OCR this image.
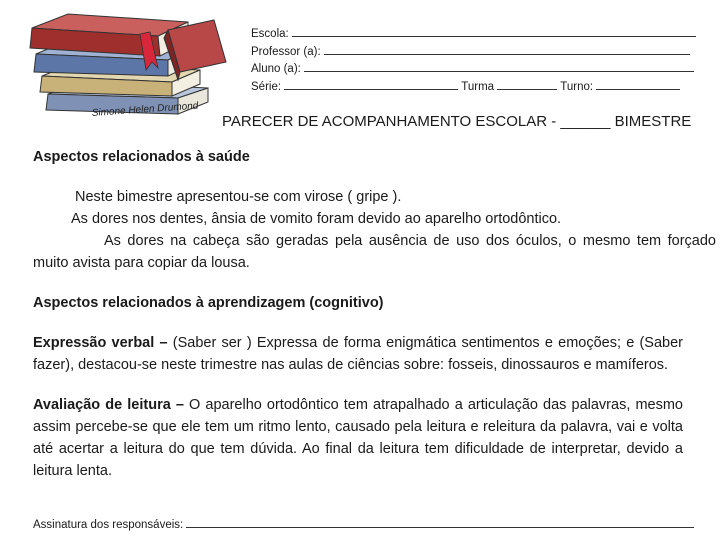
Simone Helen Drumond
Escola:
Professor (a):
Aluno (a):
Série:	Turma	Turno:
PARECER DE ACOMPANHAMENTO ESCOLAR - ______ BIMESTRE

Aspectos relacionados à saúde

Neste bimestre apresentou-se com virose ( gripe ).

As dores nos dentes, ânsia de vomito foram devido ao aparelho ortodôntico.

As dores na cabeça são geradas pela ausência de uso dos óculos, o mesmo tem forçado muito avista para copiar da lousa.

Aspectos relacionados à aprendizagem (cognitivo)

Expressão verbal – (Saber ser ) Expressa de forma enigmática sentimentos e emoções; e (Saber fazer), destacou-se neste trimestre nas aulas de ciências sobre: fosseis, dinossauros e mamíferos.

Avaliação de leitura – O aparelho ortodôntico tem atrapalhado a articulação das palavras, mesmo assim percebe-se que ele tem um ritmo lento, causado pela leitura e releitura da palavra, vai e volta até acertar a leitura do que tem dúvida. Ao final da leitura tem dificuldade de interpretar, devido a leitura lenta.

Assinatura dos responsáveis:
